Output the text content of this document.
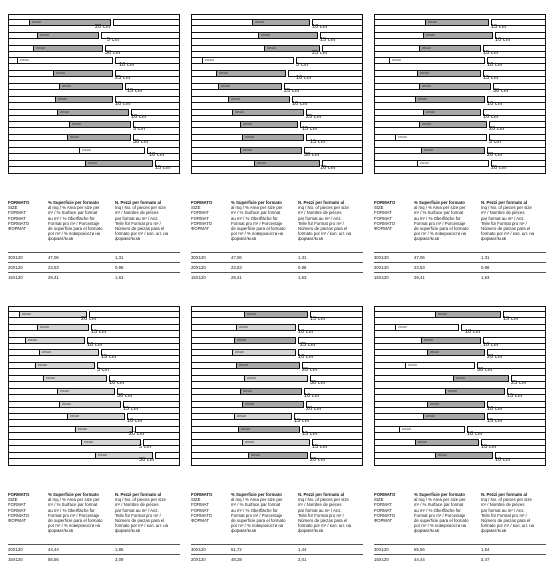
20X120
20 cm
30X120
5 cm
15X120
30 cm
15X120
10 cm
20X120
25 cm
30X120
15 cm
30X120
10 cm
20X120
10 cm
30X120
5 cm
30X120
30 cm
15X120
10 cm
15X120
15 cm
30X120
10 cm
30X120
15 cm
30X120
25 cm
15X120
5 cm
20X120
10 cm
30X120
25 cm
30X120
10 cm
30X120
25 cm
30X120
15 cm
20X120
15 cm
20X120
30 cm
20X120
10 cm
20X120
15 cm
20X120
10 cm
30X120
15 cm
15X120
10 cm
30X120
15 cm
30X120
30 cm
30X120
10 cm
30X120
10 cm
30X120
20 cm
15X120
5 cm
30X120
20 cm
15X120
20 cm
20X120
20 cm
15X120
15 cm
15X120
10 cm
20X120
15 cm
15X120
5 cm
15X120
10 cm
15X120
30 cm
20X120
15 cm
15X120
10 cm
15X120
20 cm
15X120
5 cm
15X120
30 cm
30X120
15 cm
20X120
10 cm
30X120
25 cm
20X120
10 cm
30X120
20 cm
20X120
30 cm
30X120
10 cm
30X120
20 cm
20X120
15 cm
30X120
15 cm
20X120
15 cm
30X120
20 cm
30X120
15 cm
15X120
10 cm
30X120
10 cm
30X120
20 cm
15X120
30 cm
30X120
25 cm
30X120
15 cm
30X120
10 cm
30X120
15 cm
15X120
10 cm
30X120
15 cm
30X120
10 cm
FORMATO
SIZE
FORMAT
FORMAT
FORMATO
ФОРМАТ
% Superficie per formato
al mq / % Area per size per
m² / % Surface par format
au m² / % Oberfläche für
Format pro m² / Porcentaje
de superficie para el formato
por m² / % поверхности на
формат/м.кв
N. Pezzi per formato al
mq / No. of pieces per size
m² / Nombre de pièces
par format au m² / Anz.
Teile für Format pro m² /
Número de piezas para el
formato por m² / кол. шт. на
формат/м.кв
30X120	47,06	1,31
20X120	23,53	0,98
15X120	29,41	1,63
FORMATO
SIZE
FORMAT
FORMAT
FORMATO
ФОРМАТ
% Superficie per formato
al mq / % Area per size per
m² / % Surface par format
au m² / % Oberfläche für
Format pro m² / Porcentaje
de superficie para el formato
por m² / % поверхности на
формат/м.кв
N. Pezzi per formato al
mq / No. of pieces per size
m² / Nombre de pièces
par format au m² / Anz.
Teile für Format pro m² /
Número de piezas para el
formato por m² / кол. шт. на
формат/м.кв
30X120	47,06	1,31
20X120	23,53	0,98
15X120	29,41	1,63
FORMATO
SIZE
FORMAT
FORMAT
FORMATO
ФОРМАТ
% Superficie per formato
al mq / % Area per size per
m² / % Surface par format
au m² / % Oberfläche für
Format pro m² / Porcentaje
de superficie para el formato
por m² / % поверхности на
формат/м.кв
N. Pezzi per formato al
mq / No. of pieces per size
m² / Nombre de pièces
par format au m² / Anz.
Teile für Format pro m² /
Número de piezas para el
formato por m² / кол. шт. на
формат/м.кв
30X120	47,06	1,31
20X120	23,53	0,98
15X120	29,41	1,63
FORMATO
SIZE
FORMAT
FORMAT
FORMATO
ФОРМАТ
% Superficie per formato
al mq / % Area per size per
m² / % Surface par format
au m² / % Oberfläche für
Format pro m² / Porcentaje
de superficie para el formato
por m² / % поверхности на
формат/м.кв
N. Pezzi per formato al
mq / No. of pieces per size
m² / Nombre de pièces
par format au m² / Anz.
Teile für Format pro m² /
Número de piezas para el
formato por m² / кол. шт. на
формат/м.кв
20X120	44,44	1,85
15X120	55,56	3,09
FORMATO
SIZE
FORMAT
FORMAT
FORMATO
ФОРМАТ
% Superficie per formato
al mq / % Area per size per
m² / % Surface par format
au m² / % Oberfläche für
Format pro m² / Porcentaje
de superficie para el formato
por m² / % поверхности на
формат/м.кв
N. Pezzi per formato al
mq / No. of pieces per size
m² / Nombre de pièces
par format au m² / Anz.
Teile für Format pro m² /
Número de piezas para el
formato por m² / кол. шт. на
формат/м.кв
30X120	51,72	1,44
20X120	48,28	2,01
FORMATO
SIZE
FORMAT
FORMAT
FORMATO
ФОРМАТ
% Superficie per formato
al mq / % Area per size per
m² / % Surface par format
au m² / % Oberfläche für
Format pro m² / Porcentaje
de superficie para el formato
por m² / % поверхности на
формат/м.кв
N. Pezzi per formato al
mq / No. of pieces per size
m² / Nombre de pièces
par format au m² / Anz.
Teile für Format pro m² /
Número de piezas para el
formato por m² / кол. шт. на
формат/м.кв
30X120	55,56	1,54
15X120	44,44	2,47
